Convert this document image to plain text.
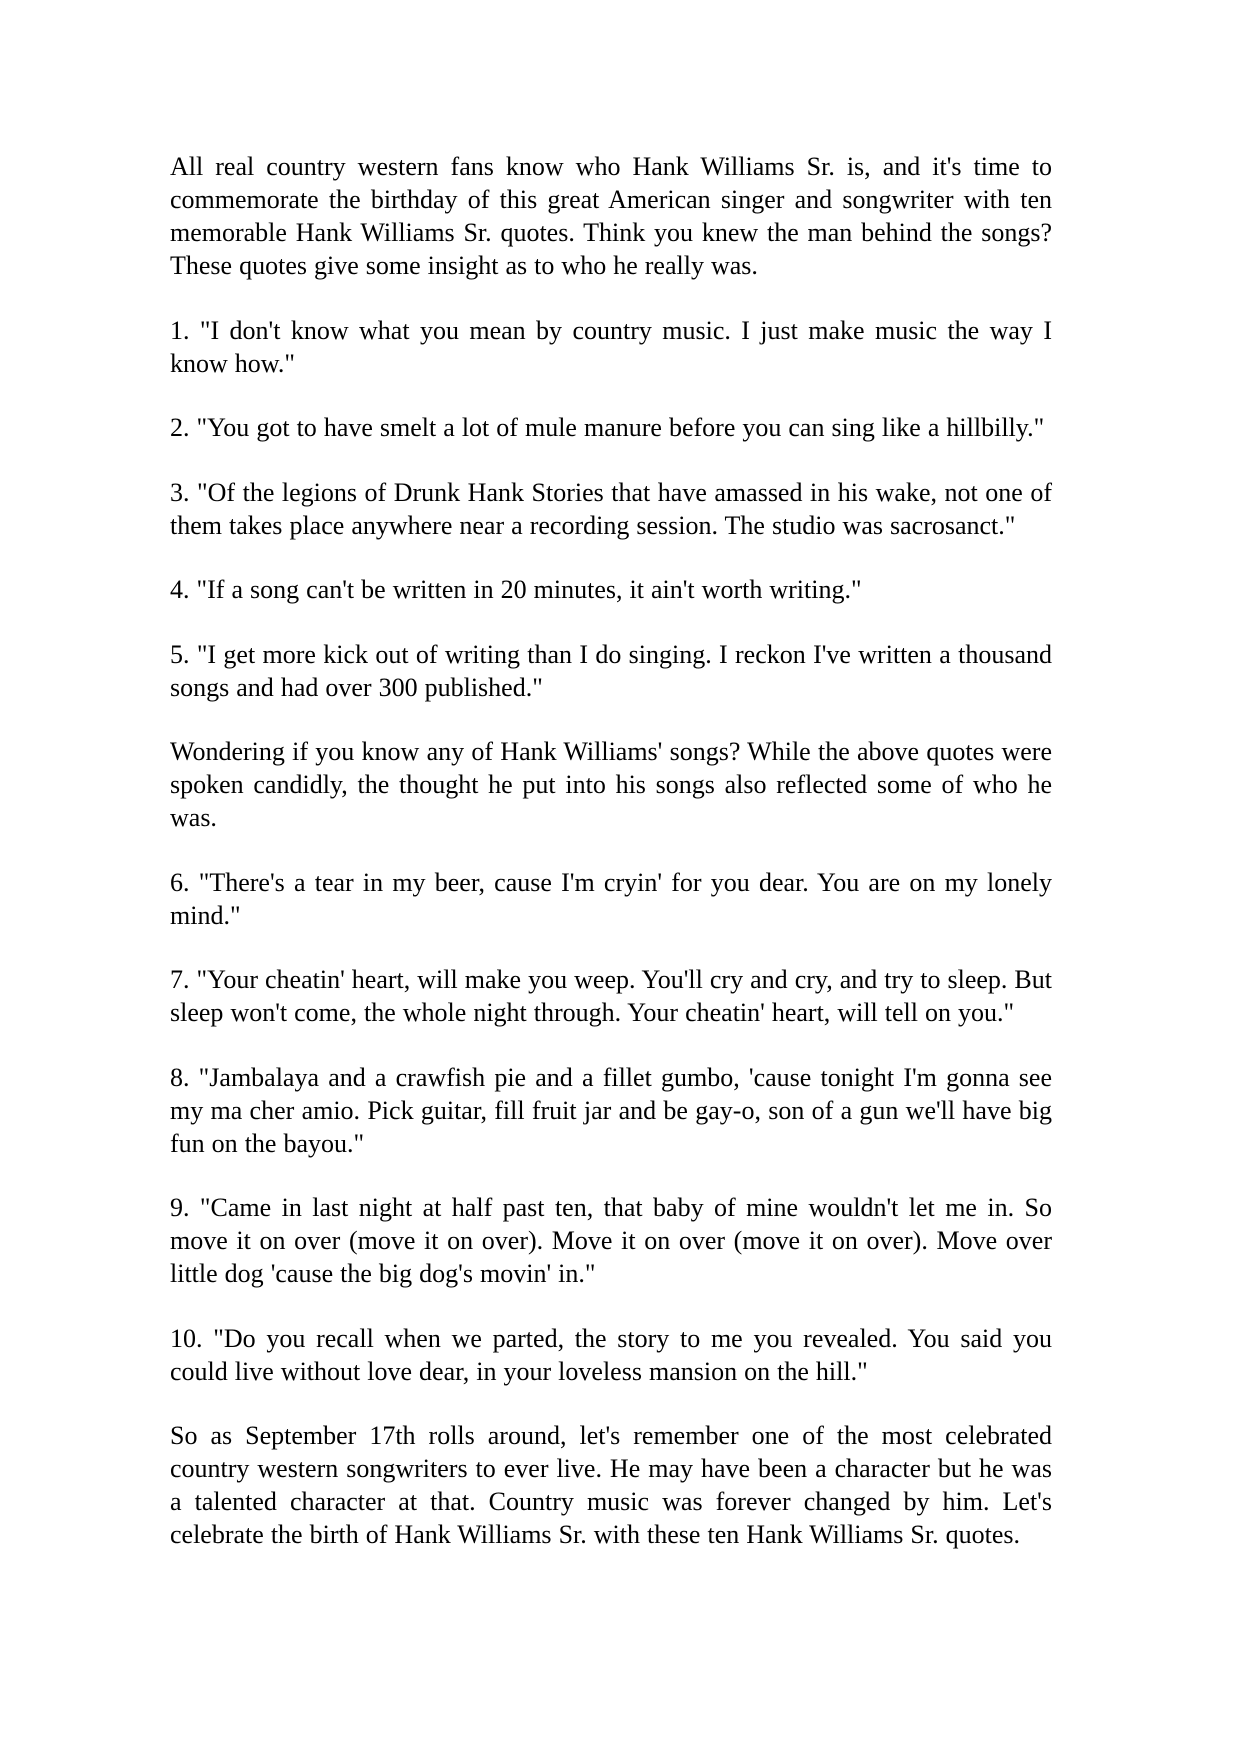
All real country western fans know who Hank Williams Sr. is, and it's time to commemorate the birthday of this great American singer and songwriter with ten memorable Hank Williams Sr. quotes. Think you knew the man behind the songs? These quotes give some insight as to who he really was.

1. "I don't know what you mean by country music. I just make music the way I know how."

2. "You got to have smelt a lot of mule manure before you can sing like a hillbilly."

3. "Of the legions of Drunk Hank Stories that have amassed in his wake, not one of them takes place anywhere near a recording session. The studio was sacrosanct."

4. "If a song can't be written in 20 minutes, it ain't worth writing."

5. "I get more kick out of writing than I do singing. I reckon I've written a thousand songs and had over 300 published."

Wondering if you know any of Hank Williams' songs? While the above quotes were spoken candidly, the thought he put into his songs also reflected some of who he was.

6. "There's a tear in my beer, cause I'm cryin' for you dear. You are on my lonely mind."

7. "Your cheatin' heart, will make you weep. You'll cry and cry, and try to sleep. But sleep won't come, the whole night through. Your cheatin' heart, will tell on you."

8. "Jambalaya and a crawfish pie and a fillet gumbo, 'cause tonight I'm gonna see my ma cher amio. Pick guitar, fill fruit jar and be gay-o, son of a gun we'll have big fun on the bayou."

9. "Came in last night at half past ten, that baby of mine wouldn't let me in. So move it on over (move it on over). Move it on over (move it on over). Move over little dog 'cause the big dog's movin' in."

10. "Do you recall when we parted, the story to me you revealed. You said you could live without love dear, in your loveless mansion on the hill."

So as September 17th rolls around, let's remember one of the most celebrated country western songwriters to ever live. He may have been a character but he was a talented character at that. Country music was forever changed by him. Let's celebrate the birth of Hank Williams Sr. with these ten Hank Williams Sr. quotes.
